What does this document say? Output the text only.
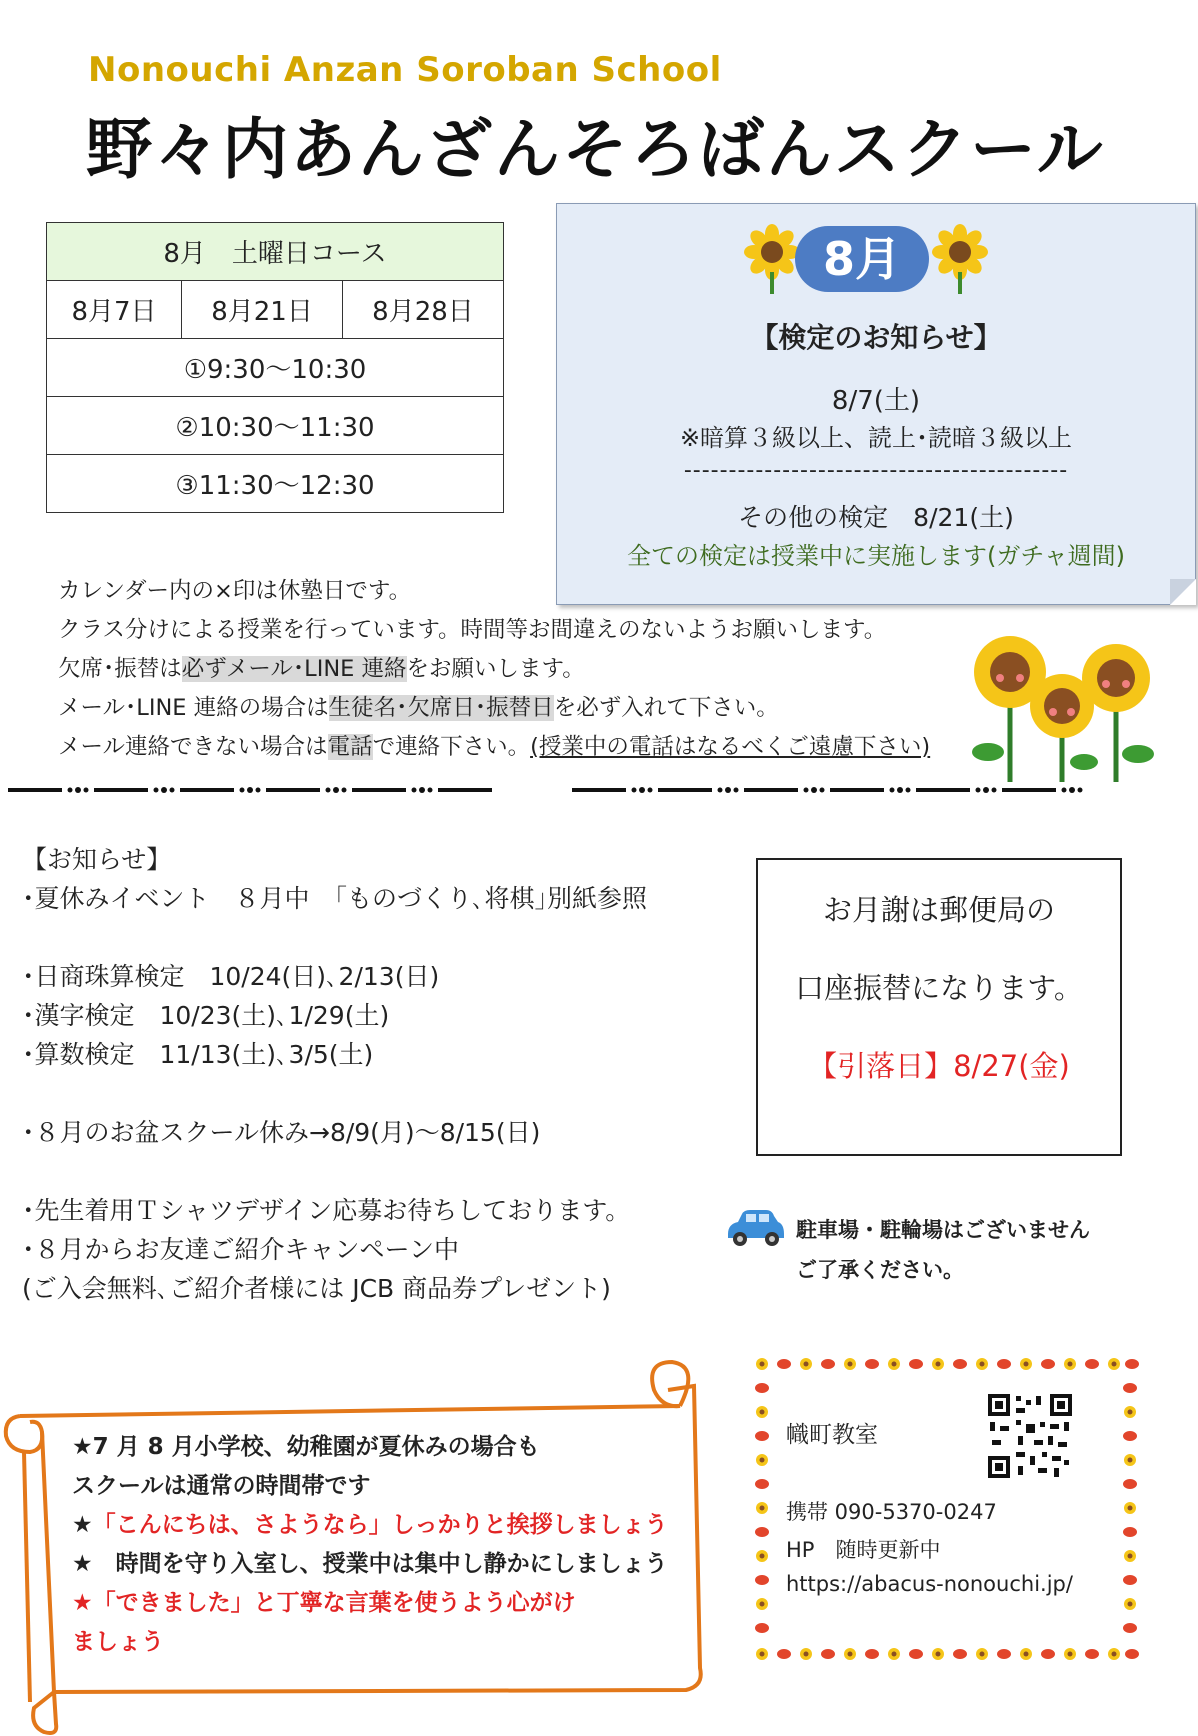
Nonouchi Anzan Soroban School
野々内あんざんそろばんスクール
8月　土曜日コース
8月7日	8月21日	8月28日
①9:30〜10:30
②10:30〜11:30
③11:30〜12:30
8月
【検定のお知らせ】
8/7(土)
※暗算３級以上、読上･読暗３級以上
-------------------------------------------
その他の検定　8/21(土)
全ての検定は授業中に実施します(ガチャ週間)
カレンダー内の×印は休塾日です。
クラス分けによる授業を行っています。時間等お間違えのないようお願いします。
欠席･振替は必ずメール･LINE 連絡をお願いします。
メール･LINE 連絡の場合は生徒名･欠席日･振替日を必ず入れて下さい。
メール連絡できない場合は電話で連絡下さい。(授業中の電話はなるべくご遠慮下さい)
【お知らせ】
･夏休みイベント　８月中　｢ものづくり､将棋｣別紙参照
･日商珠算検定　10/24(日)､2/13(日)
･漢字検定　10/23(土)､1/29(土)
･算数検定　11/13(土)､3/5(土)
･８月のお盆スクール休み→8/9(月)〜8/15(日)
･先生着用Ｔシャツデザイン応募お待ちしております。
･８月からお友達ご紹介キャンペーン中
(ご入会無料､ご紹介者様には JCB 商品券プレゼント)
お月謝は郵便局の
口座振替になります。
【引落日】8/27(金)
駐車場・駐輪場はございません
ご了承ください。
★7 月 8 月小学校、幼稚園が夏休みの場合も
スクールは通常の時間帯です
★「こんにちは、さようなら」しっかりと挨拶しましょう
★　時間を守り入室し、授業中は集中し静かにしましょう
★「できました」と丁寧な言葉を使うよう心がけ
ましょう
幟町教室
携帯 090-5370-0247
HP　随時更新中
https://abacus-nonouchi.jp/
